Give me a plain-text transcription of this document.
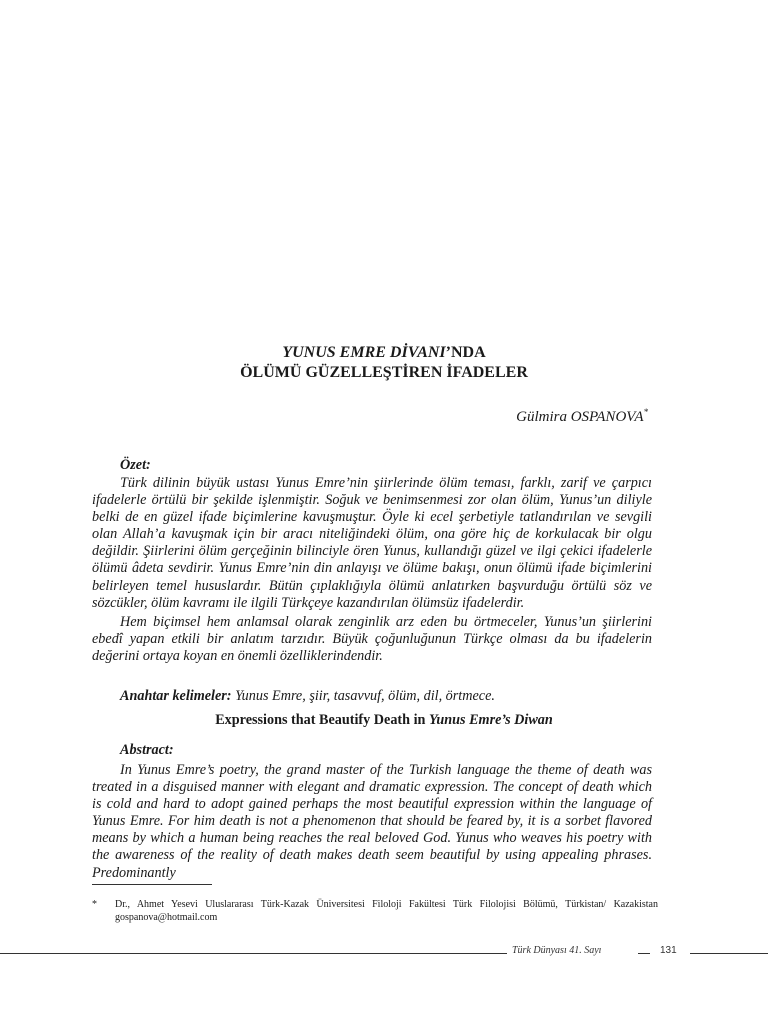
YUNUS EMRE DİVANI’NDA
ÖLÜMÜ GÜZELLEŞTİREN İFADELER
Gülmira OSPANOVA*
Özet:

Türk dilinin büyük ustası Yunus Emre’nin şiirlerinde ölüm teması, farklı, zarif ve çarpıcı ifadelerle örtülü bir şekilde işlenmiştir. Soğuk ve benimsenmesi zor olan ölüm, Yunus’un diliyle belki de en güzel ifade biçimlerine kavuşmuştur. Öyle ki ecel şerbetiyle tatlandırılan ve sevgili olan Allah’a kavuşmak için bir aracı niteliğindeki ölüm, ona göre hiç de korkulacak bir olgu değildir. Şiirlerini ölüm gerçeğinin bilinciyle ören Yunus, kullandığı güzel ve ilgi çekici ifadelerle ölümü âdeta sevdirir. Yunus Emre’nin din anlayışı ve ölüme bakışı, onun ölümü ifade biçimlerini belirleyen temel hususlardır. Bütün çıplaklığıyla ölümü anlatırken başvurduğu örtülü söz ve sözcükler, ölüm kavramı ile ilgili Türkçeye kazandırılan ölümsüz ifadelerdir.

Hem biçimsel hem anlamsal olarak zenginlik arz eden bu örtmeceler, Yunus’un şiirlerini ebedî yapan etkili bir anlatım tarzıdır. Büyük çoğunluğunun Türkçe olması da bu ifadelerin değerini ortaya koyan en önemli özelliklerindendir.

Anahtar kelimeler: Yunus Emre, şiir, tasavvuf, ölüm, dil, örtmece.
Expressions that Beautify Death in Yunus Emre’s Diwan
Abstract:

In Yunus Emre’s poetry, the grand master of the Turkish language the theme of death was treated in a disguised manner with elegant and dramatic expression. The concept of death which is cold and hard to adopt gained perhaps the most beautiful expression within the language of Yunus Emre. For him death is not a phenomenon that should be feared by, it is a sorbet flavored means by which a human being reaches the real beloved God. Yunus who weaves his poetry with the awareness of the reality of death makes death seem beautiful by using appealing phrases. Predominantly

*	Dr., Ahmet Yesevi Uluslararası Türk-Kazak Üniversitesi Filoloji Fakültesi Türk Filolojisi Bölümü, Türkistan/ Kazakistan gospanova@hotmail.com
Türk Dünyası 41. Sayı	131
